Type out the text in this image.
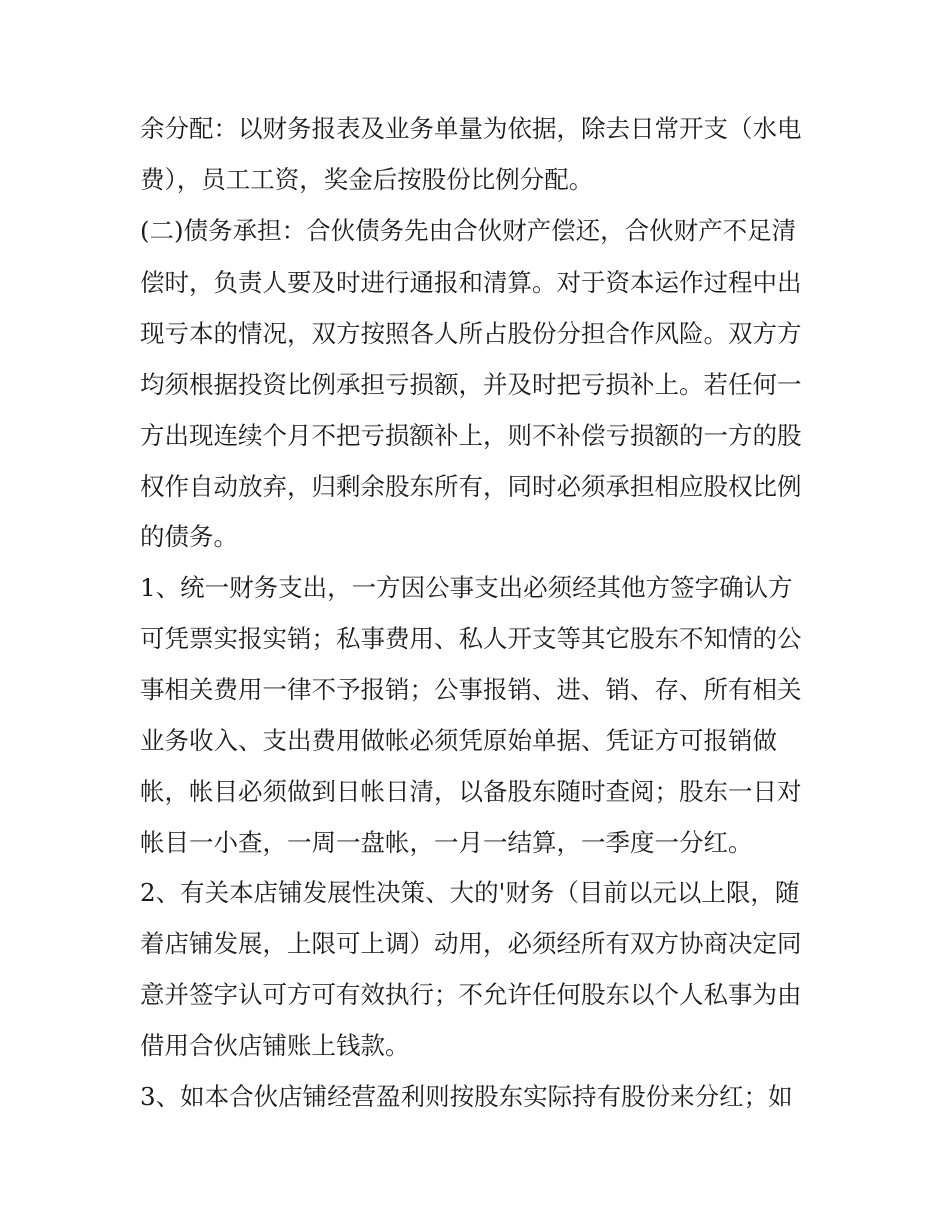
余分配：以财务报表及业务单量为依据，除去日常开支（水电

费），员工工资，奖金后按股份比例分配。

(二)债务承担：合伙债务先由合伙财产偿还，合伙财产不足清

偿时，负责人要及时进行通报和清算。对于资本运作过程中出

现亏本的情况，双方按照各人所占股份分担合作风险。双方方

均须根据投资比例承担亏损额，并及时把亏损补上。若任何一

方出现连续个月不把亏损额补上，则不补偿亏损额的一方的股

权作自动放弃，归剩余股东所有，同时必须承担相应股权比例

的债务。

1、统一财务支出，一方因公事支出必须经其他方签字确认方

可凭票实报实销；私事费用、私人开支等其它股东不知情的公

事相关费用一律不予报销；公事报销、进、销、存、所有相关

业务收入、支出费用做帐必须凭原始单据、凭证方可报销做

帐，帐目必须做到日帐日清，以备股东随时查阅；股东一日对

帐目一小查，一周一盘帐，一月一结算，一季度一分红。

2、有关本店铺发展性决策、大的'财务（目前以元以上限，随

着店铺发展，上限可上调）动用，必须经所有双方协商决定同

意并签字认可方可有效执行；不允许任何股东以个人私事为由

借用合伙店铺账上钱款。

3、如本合伙店铺经营盈利则按股东实际持有股份来分红；如
